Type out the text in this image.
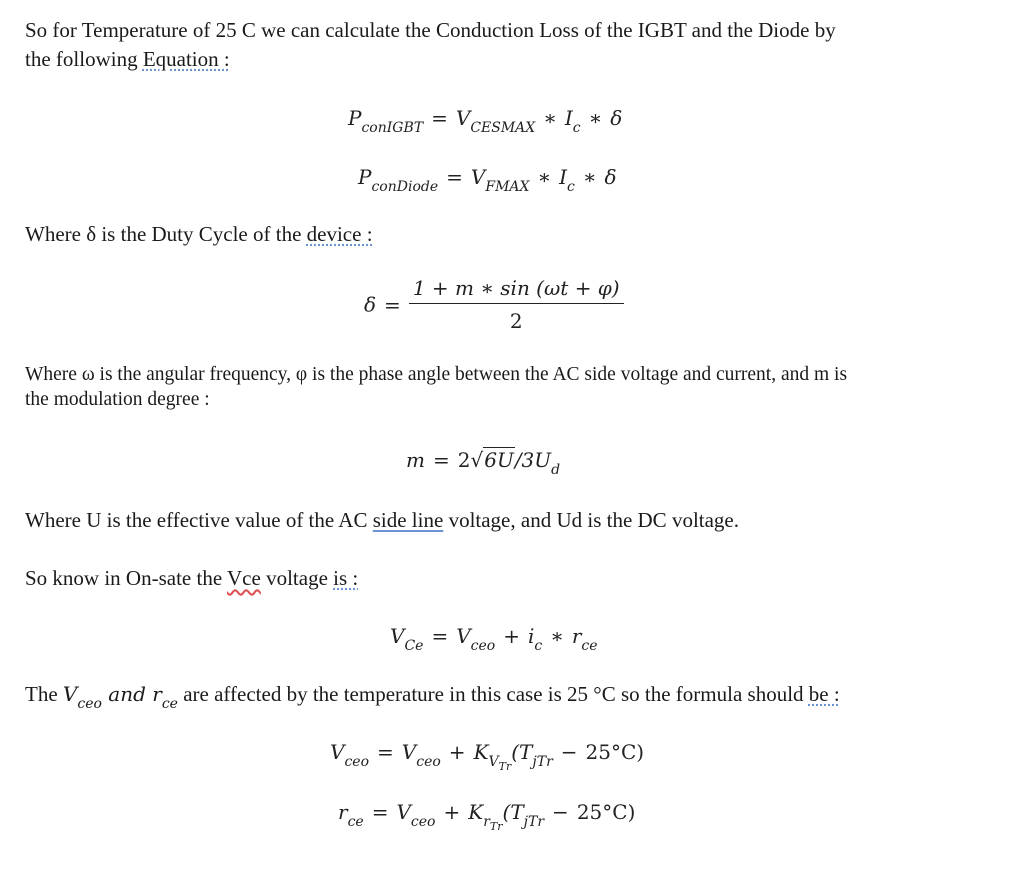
So for Temperature of 25 C we can calculate the Conduction Loss of the IGBT and the Diode by
the following Equation :

$P_{conIGBT} = V_{CESMAX}$ ∗ $I_c$ ∗ δ
$P_{conDiode} = V_{FMAX}$ ∗ $I_c$ ∗ δ

Where δ is the Duty Cycle of the device :

$\delta = \frac{1 + m ∗ \sin (\omega t + \varphi)}{2}$

Where ω is the angular frequency, φ is the phase angle between the AC side voltage and current, and m is
the modulation degree :

$m = 2√6U/3U_d$

Where U is the effective value of the AC side line voltage, and Ud is the DC voltage.

So know in On-sate the Vce voltage is :

$V_{Ce} = V_{ceo} + i_c$ ∗ $r_{ce}$

The $V_{ceo}$ and $r_{ce}$ are affected by the temperature in this case is 25 °C so the formula should be :

$V_{ceo} = V_{ceo} + K_{VTr}(T_{jTr} - 25^\circ C)$
$r_{ce} = V_{ceo} + K_{rTr}(T_{jTr} - 25^\circ C)$
